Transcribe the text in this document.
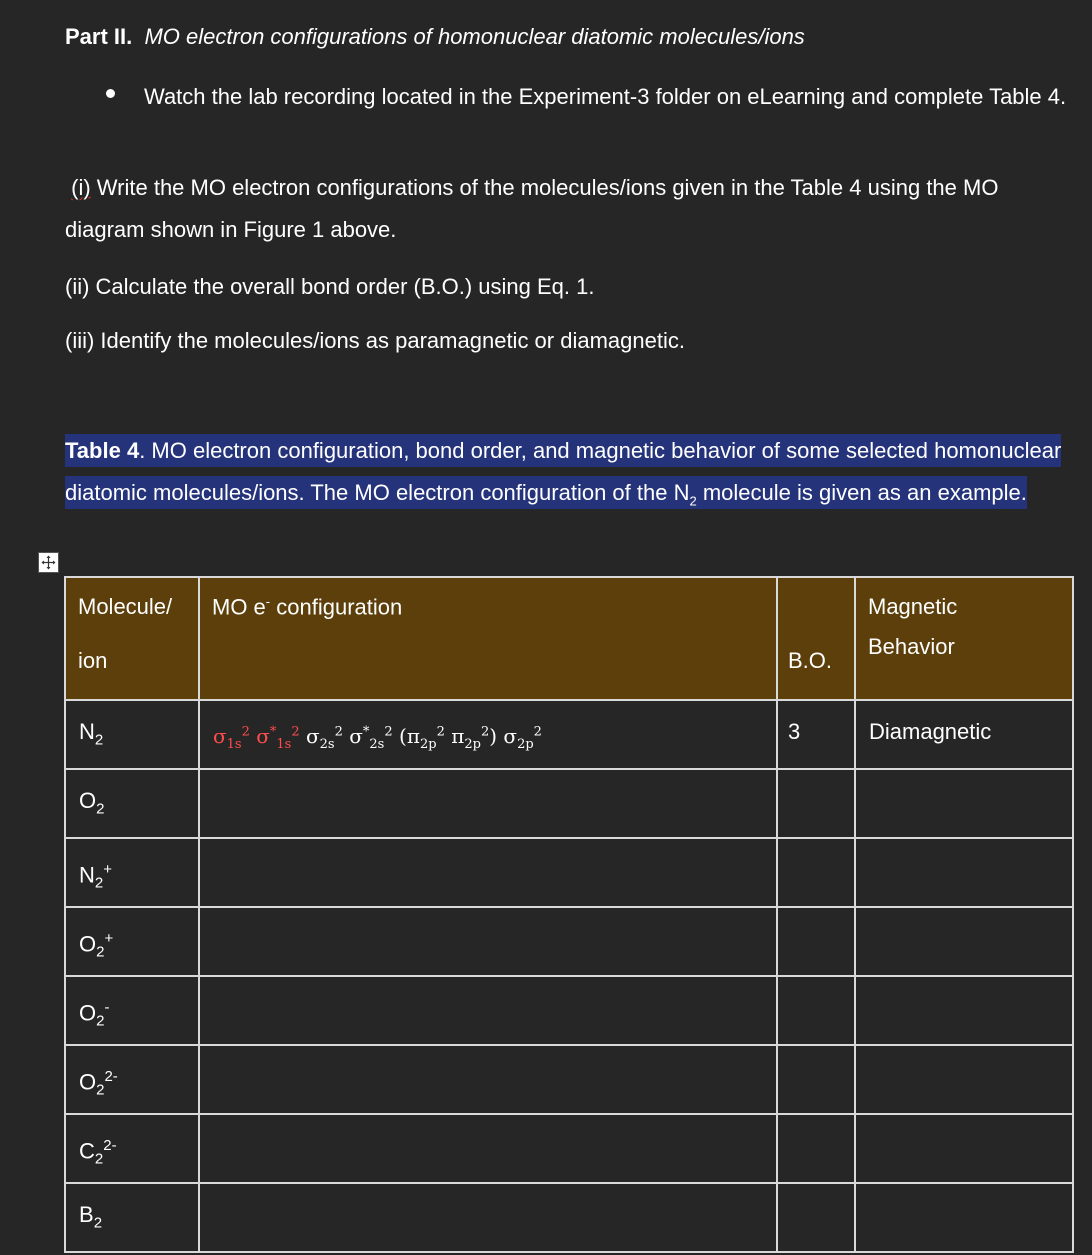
Part II. MO electron configurations of homonuclear diatomic molecules/ions
Watch the lab recording located in the Experiment-3 folder on eLearning and complete Table 4.
(i) Write the MO electron configurations of the molecules/ions given in the Table 4 using the MO diagram shown in Figure 1 above.
(ii) Calculate the overall bond order (B.O.) using Eq. 1.
(iii) Identify the molecules/ions as paramagnetic or diamagnetic.
Table 4. MO electron configuration, bond order, and magnetic behavior of some selected homonuclear diatomic molecules/ions. The MO electron configuration of the $N_2$ molecule is given as an example.
Molecule/
ion	MO e- configuration	B.O.	Magnetic
Behavior

$N_2$	$\sigma_{1s}^2$ $\sigma^*_{1s}^2$ $\sigma_{2s}^2$ $\sigma^*_{2s}^2$ ($\pi_{2p}^2$ $\pi_{2p}^2$) $\sigma_{2p}^2$	3	Diamagnetic

$O_2$

$N_2^+$

$O_2^+$

$O_2^-$

$O_2^{2-}$

$C_2^{2-}$

$B_2$
